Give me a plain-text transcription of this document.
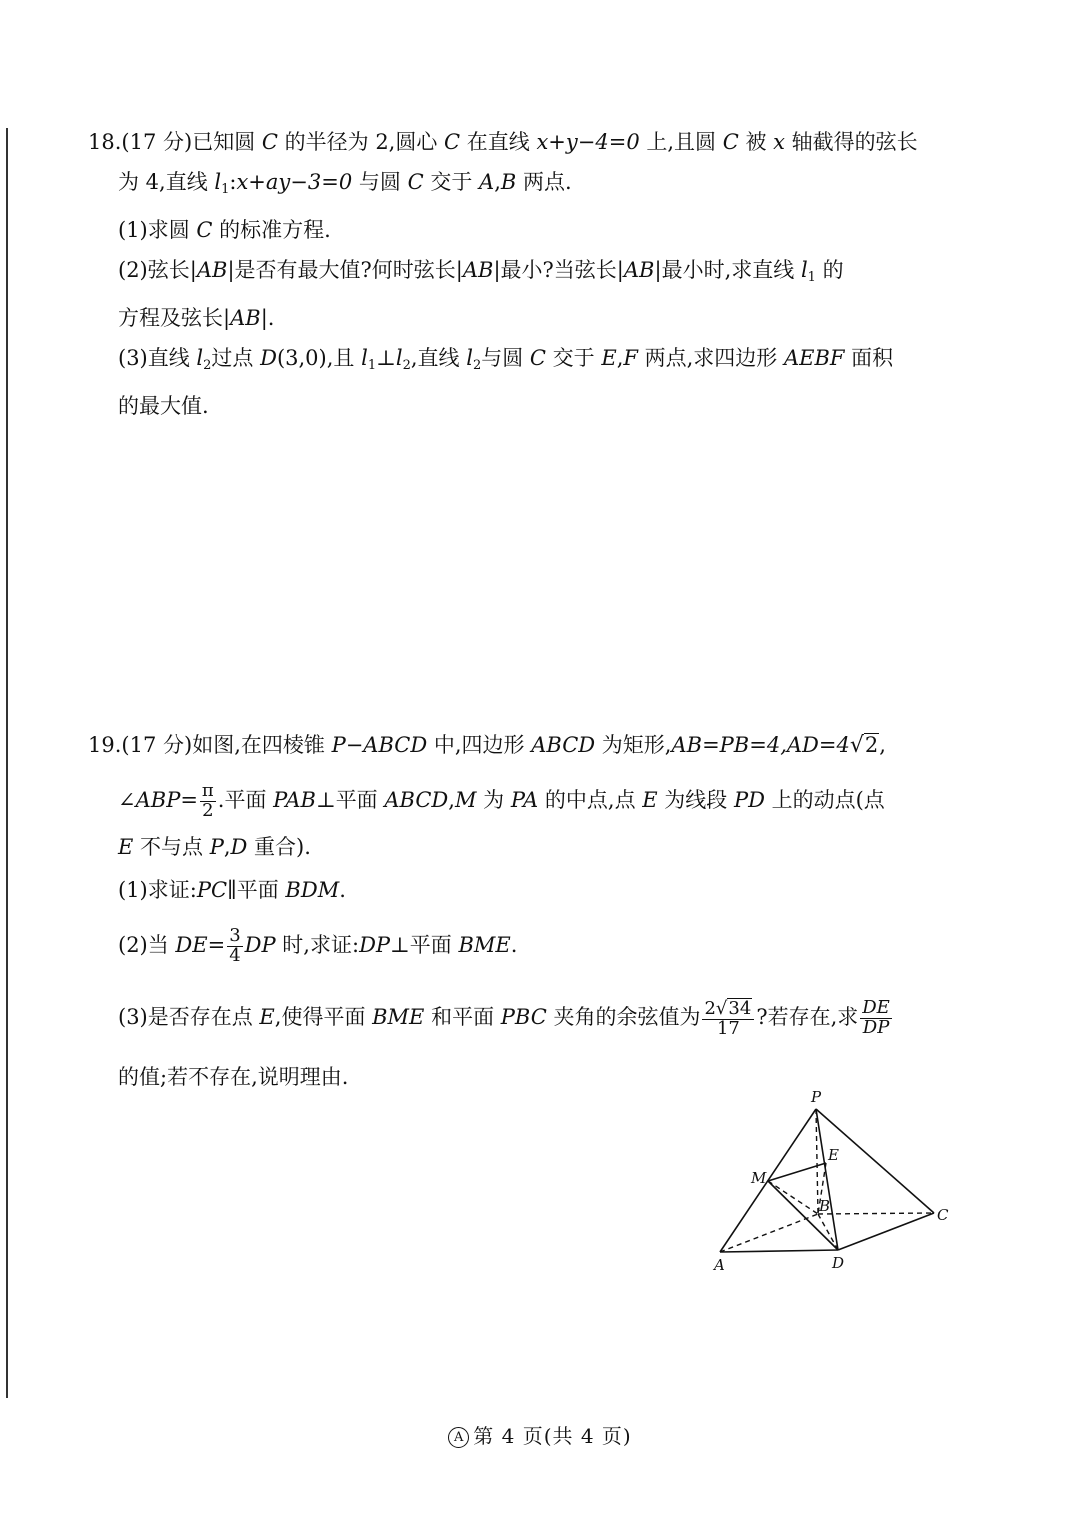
18.(17 分)已知圆 C 的半径为 2,圆心 C 在直线 x+y−4=0 上,且圆 C 被 x 轴截得的弦长
为 4,直线 $l_1:x+ay-3=0$ 与圆 C 交于 A,B 两点.
(1)求圆 C 的标准方程.
(2)弦长|AB|是否有最大值?何时弦长|AB|最小?当弦长|AB|最小时,求直线 $l_1$ 的
方程及弦长|AB|.
(3)直线 $l_2$过点 D(3,0),且 $l_1\perp l_2$,直线 $l_2$与圆 C 交于 E,F 两点,求四边形 AEBF 面积
的最大值.
19.(17 分)如图,在四棱锥 P−ABCD 中,四边形 ABCD 为矩形,AB=PB=4,AD=4√2,
∠ABP= $\frac{\pi}{2}$ .平面 PAB⊥平面 ABCD,M 为 PA 的中点,点 E 为线段 PD 上的动点(点
E 不与点 P,D 重合).
(1)求证:PC∥平面 BDM.
(2)当 $DE= \frac{3}{4}$ DP 时,求证:DP⊥平面 BME.
(3)是否存在点 E,使得平面 BME 和平面 PBC 夹角的余弦值为 $\frac{2√34}{17}$ ?若存在,求 $\frac{DE}{DP}$
的值;若不存在,说明理由.
P
E
M
B	C
A	D
A 第 4 页(共 4 页)
